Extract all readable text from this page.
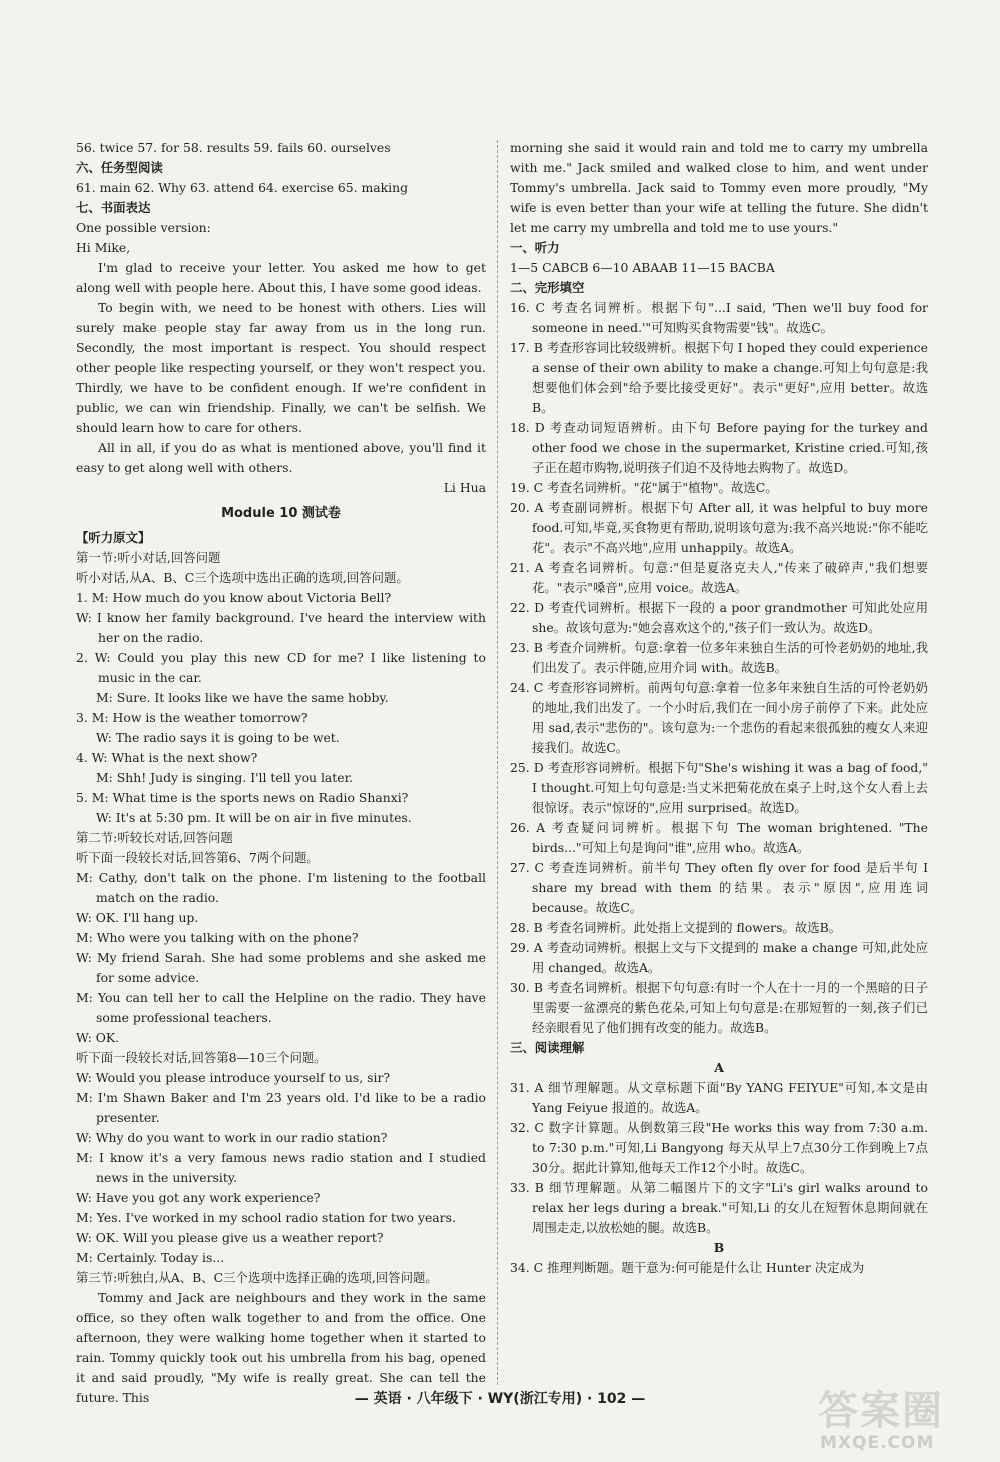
56. twice 57. for 58. results 59. fails 60. ourselves
六、任务型阅读
61. main 62. Why 63. attend 64. exercise 65. making
七、书面表达
One possible version:
Hi Mike,
I'm glad to receive your letter. You asked me how to get along well with people here. About this, I have some good ideas.
To begin with, we need to be honest with others. Lies will surely make people stay far away from us in the long run. Secondly, the most important is respect. You should respect other people like respecting yourself, or they won't respect you. Thirdly, we have to be confident enough. If we're confident in public, we can win friendship. Finally, we can't be selfish. We should learn how to care for others.
All in all, if you do as what is mentioned above, you'll find it easy to get along well with others.
Li Hua
Module 10 测试卷
【听力原文】
第一节:听小对话,回答问题
听小对话,从A、B、C三个选项中选出正确的选项,回答问题。
1. M: How much do you know about Victoria Bell?
W: I know her family background. I've heard the interview with her on the radio.
2. W: Could you play this new CD for me? I like listening to music in the car.
M: Sure. It looks like we have the same hobby.
3. M: How is the weather tomorrow?
W: The radio says it is going to be wet.
4. W: What is the next show?
M: Shh! Judy is singing. I'll tell you later.
5. M: What time is the sports news on Radio Shanxi?
W: It's at 5:30 pm. It will be on air in five minutes.
第二节:听较长对话,回答问题
听下面一段较长对话,回答第6、7两个问题。
M: Cathy, don't talk on the phone. I'm listening to the football match on the radio.
W: OK. I'll hang up.
M: Who were you talking with on the phone?
W: My friend Sarah. She had some problems and she asked me for some advice.
M: You can tell her to call the Helpline on the radio. They have some professional teachers.
W: OK.
听下面一段较长对话,回答第8—10三个问题。
W: Would you please introduce yourself to us, sir?
M: I'm Shawn Baker and I'm 23 years old. I'd like to be a radio presenter.
W: Why do you want to work in our radio station?
M: I know it's a very famous news radio station and I studied news in the university.
W: Have you got any work experience?
M: Yes. I've worked in my school radio station for two years.
W: OK. Will you please give us a weather report?
M: Certainly. Today is...
第三节:听独白,从A、B、C三个选项中选择正确的选项,回答问题。
Tommy and Jack are neighbours and they work in the same office, so they often walk together to and from the office. One afternoon, they were walking home together when it started to rain. Tommy quickly took out his umbrella from his bag, opened it and said proudly, "My wife is really great. She can tell the future. This
morning she said it would rain and told me to carry my umbrella with me." Jack smiled and walked close to him, and went under Tommy's umbrella. Jack said to Tommy even more proudly, "My wife is even better than your wife at telling the future. She didn't let me carry my umbrella and told me to use yours."
一、听力
1—5 CABCB 6—10 ABAAB 11—15 BACBA
二、完形填空
16. C 考查名词辨析。根据下句"...I said, 'Then we'll buy food for someone in need.'"可知购买食物需要"钱"。故选C。
17. B 考查形容词比较级辨析。根据下句 I hoped they could experience a sense of their own ability to make a change.可知上句句意是:我想要他们体会到"给予要比接受更好"。表示"更好",应用 better。故选B。
18. D 考查动词短语辨析。由下句 Before paying for the turkey and other food we chose in the supermarket, Kristine cried.可知,孩子正在超市购物,说明孩子们迫不及待地去购物了。故选D。
19. C 考查名词辨析。"花"属于"植物"。故选C。
20. A 考查副词辨析。根据下句 After all, it was helpful to buy more food.可知,毕竟,买食物更有帮助,说明该句意为:我不高兴地说:"你不能吃花"。表示"不高兴地",应用 unhappily。故选A。
21. A 考查名词辨析。句意:"但是夏洛克夫人,"传来了破碎声,"我们想要花。"表示"嗓音",应用 voice。故选A。
22. D 考查代词辨析。根据下一段的 a poor grandmother 可知此处应用 she。故该句意为:"她会喜欢这个的,"孩子们一致认为。故选D。
23. B 考查介词辨析。句意:拿着一位多年来独自生活的可怜老奶奶的地址,我们出发了。表示伴随,应用介词 with。故选B。
24. C 考查形容词辨析。前两句句意:拿着一位多年来独自生活的可怜老奶奶的地址,我们出发了。一个小时后,我们在一间小房子前停了下来。此处应用 sad,表示"悲伤的"。该句意为:一个悲伤的看起来很孤独的瘦女人来迎接我们。故选C。
25. D 考查形容词辨析。根据下句"She's wishing it was a bag of food," I thought.可知上句句意是:当丈米把菊花放在桌子上时,这个女人看上去很惊讶。表示"惊讶的",应用 surprised。故选D。
26. A 考查疑问词辨析。根据下句 The woman brightened. "The birds..."可知上句是询问"谁",应用 who。故选A。
27. C 考查连词辨析。前半句 They often fly over for food 是后半句 I share my bread with them 的结果。表示"原因",应用连词 because。故选C。
28. B 考查名词辨析。此处指上文提到的 flowers。故选B。
29. A 考查动词辨析。根据上文与下文提到的 make a change 可知,此处应用 changed。故选A。
30. B 考查名词辨析。根据下句句意:有时一个人在十一月的一个黑暗的日子里需要一盆漂亮的紫色花朵,可知上句句意是:在那短暂的一刻,孩子们已经亲眼看见了他们拥有改变的能力。故选B。
三、阅读理解
A
31. A 细节理解题。从文章标题下面"By YANG FEIYUE"可知,本文是由 Yang Feiyue 报道的。故选A。
32. C 数字计算题。从倒数第三段"He works this way from 7:30 a.m. to 7:30 p.m."可知,Li Bangyong 每天从早上7点30分工作到晚上7点30分。据此计算知,他每天工作12个小时。故选C。
33. B 细节理解题。从第二幅图片下的文字"Li's girl walks around to relax her legs during a break."可知,Li 的女儿在短暂休息期间就在周围走走,以放松她的腿。故选B。
B
34. C 推理判断题。题干意为:何可能是什么让 Hunter 决定成为
— 英语 · 八年级下 · WY(浙江专用) · 102 —	答案圈
MXQE.COM
